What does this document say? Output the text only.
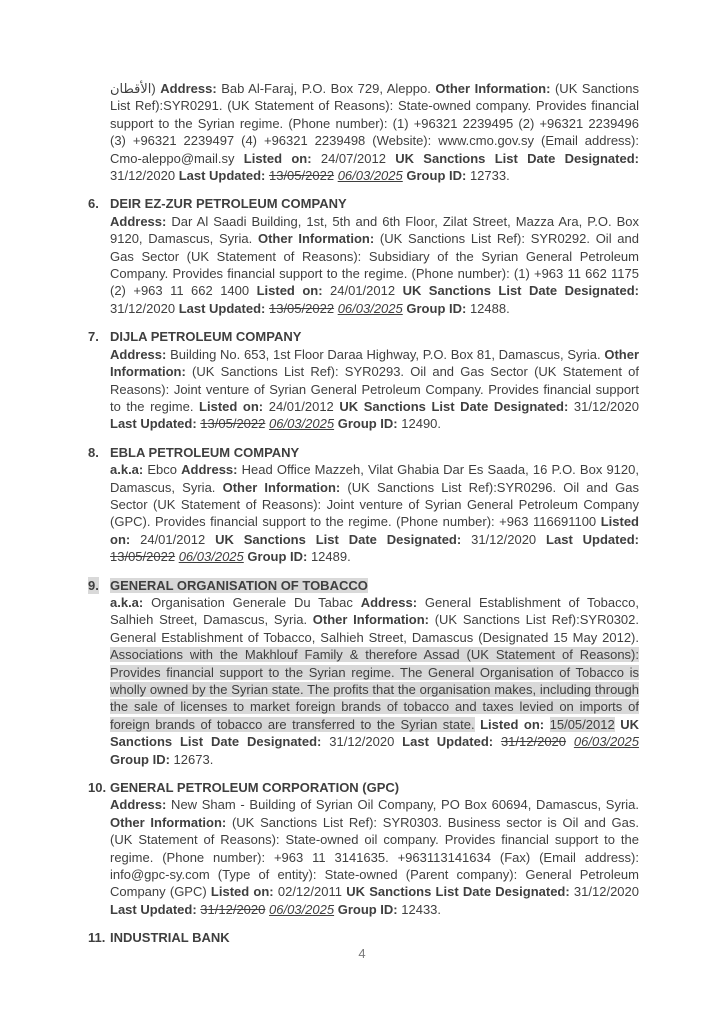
الأقطان) Address: Bab Al-Faraj, P.O. Box 729, Aleppo. Other Information: (UK Sanctions List Ref):SYR0291. (UK Statement of Reasons): State-owned company. Provides financial support to the Syrian regime. (Phone number): (1) +96321 2239495 (2) +96321 2239496 (3) +96321 2239497 (4) +96321 2239498 (Website): www.cmo.gov.sy (Email address): Cmo-aleppo@mail.sy Listed on: 24/07/2012 UK Sanctions List Date Designated: 31/12/2020 Last Updated: 13/05/2022 06/03/2025 Group ID: 12733.

6. DEIR EZ-ZUR PETROLEUM COMPANY

Address: Dar Al Saadi Building, 1st, 5th and 6th Floor, Zilat Street, Mazza Ara, P.O. Box 9120, Damascus, Syria. Other Information: (UK Sanctions List Ref): SYR0292. Oil and Gas Sector (UK Statement of Reasons): Subsidiary of the Syrian General Petroleum Company. Provides financial support to the regime. (Phone number): (1) +963 11 662 1175 (2) +963 11 662 1400 Listed on: 24/01/2012 UK Sanctions List Date Designated: 31/12/2020 Last Updated: 13/05/2022 06/03/2025 Group ID: 12488.

7. DIJLA PETROLEUM COMPANY

Address: Building No. 653, 1st Floor Daraa Highway, P.O. Box 81, Damascus, Syria. Other Information: (UK Sanctions List Ref): SYR0293. Oil and Gas Sector (UK Statement of Reasons): Joint venture of Syrian General Petroleum Company. Provides financial support to the regime. Listed on: 24/01/2012 UK Sanctions List Date Designated: 31/12/2020 Last Updated: 13/05/2022 06/03/2025 Group ID: 12490.

8. EBLA PETROLEUM COMPANY

a.k.a: Ebco Address: Head Office Mazzeh, Vilat Ghabia Dar Es Saada, 16 P.O. Box 9120, Damascus, Syria. Other Information: (UK Sanctions List Ref):SYR0296. Oil and Gas Sector (UK Statement of Reasons): Joint venture of Syrian General Petroleum Company (GPC). Provides financial support to the regime. (Phone number): +963 116691100 Listed on: 24/01/2012 UK Sanctions List Date Designated: 31/12/2020 Last Updated: 13/05/2022 06/03/2025 Group ID: 12489.

9. GENERAL ORGANISATION OF TOBACCO

a.k.a: Organisation Generale Du Tabac Address: General Establishment of Tobacco, Salhieh Street, Damascus, Syria. Other Information: (UK Sanctions List Ref):SYR0302. General Establishment of Tobacco, Salhieh Street, Damascus (Designated 15 May 2012). Associations with the Makhlouf Family & therefore Assad (UK Statement of Reasons): Provides financial support to the Syrian regime. The General Organisation of Tobacco is wholly owned by the Syrian state. The profits that the organisation makes, including through the sale of licenses to market foreign brands of tobacco and taxes levied on imports of foreign brands of tobacco are transferred to the Syrian state. Listed on: 15/05/2012 UK Sanctions List Date Designated: 31/12/2020 Last Updated: 31/12/2020 06/03/2025 Group ID: 12673.

10. GENERAL PETROLEUM CORPORATION (GPC)

Address: New Sham - Building of Syrian Oil Company, PO Box 60694, Damascus, Syria. Other Information: (UK Sanctions List Ref): SYR0303. Business sector is Oil and Gas. (UK Statement of Reasons): State-owned oil company. Provides financial support to the regime. (Phone number): +963 11 3141635. +963113141634 (Fax) (Email address): info@gpc-sy.com (Type of entity): State-owned (Parent company): General Petroleum Company (GPC) Listed on: 02/12/2011 UK Sanctions List Date Designated: 31/12/2020 Last Updated: 31/12/2020 06/03/2025 Group ID: 12433.

11. INDUSTRIAL BANK
4
